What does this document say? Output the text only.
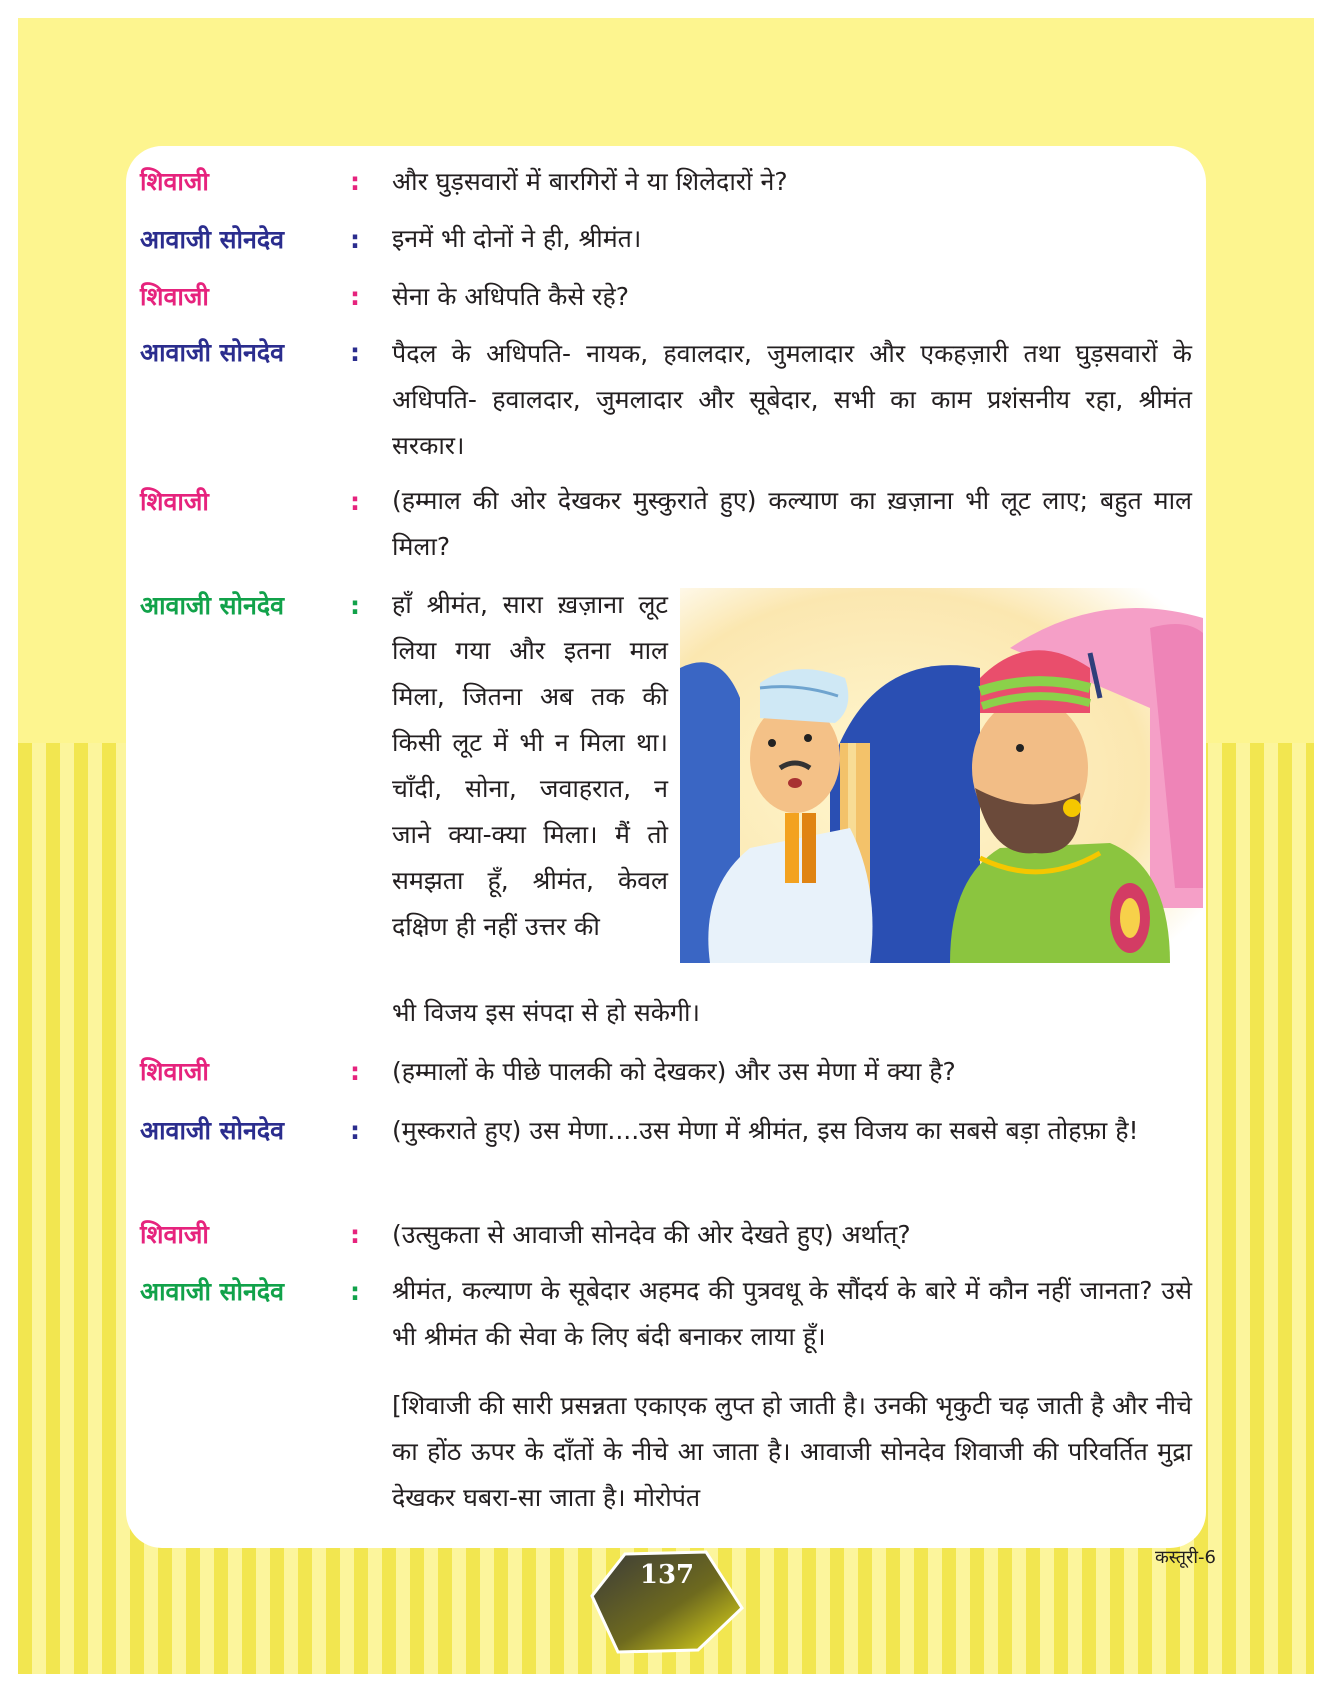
शिवाजी	: और घुड़सवारों में बारगिरों ने या शिलेदारों ने?
आवाजी सोनदेव	: इनमें भी दोनों ने ही, श्रीमंत।
शिवाजी	: सेना के अधिपति कैसे रहे?
आवाजी सोनदेव	: पैदल के अधिपति- नायक, हवालदार, जुमलादार और एकहज़ारी तथा घुड़सवारों के अधिपति- हवालदार, जुमलादार और सूबेदार, सभी का काम प्रशंसनीय रहा, श्रीमंत सरकार।
शिवाजी	: (हम्माल की ओर देखकर मुस्कुराते हुए) कल्याण का ख़ज़ाना भी लूट लाए; बहुत माल मिला?
आवाजी सोनदेव	: हाँ श्रीमंत, सारा ख़ज़ाना लूट लिया गया और इतना माल मिला, जितना अब तक की किसी लूट में भी न मिला था। चाँदी, सोना, जवाहरात, न जाने क्या-क्या मिला। मैं तो समझता हूँ, श्रीमंत, केवल दक्षिण ही नहीं उत्तर की
भी विजय इस संपदा से हो सकेगी।
शिवाजी	: (हम्मालों के पीछे पालकी को देखकर) और उस मेणा में क्या है?
आवाजी सोनदेव	: (मुस्कराते हुए) उस मेणा....उस मेणा में श्रीमंत, इस विजय का सबसे बड़ा तोहफ़ा है!
शिवाजी	: (उत्सुकता से आवाजी सोनदेव की ओर देखते हुए) अर्थात्?
आवाजी सोनदेव	: श्रीमंत, कल्याण के सूबेदार अहमद की पुत्रवधू के सौंदर्य के बारे में कौन नहीं जानता? उसे भी श्रीमंत की सेवा के लिए बंदी बनाकर लाया हूँ।
[शिवाजी की सारी प्रसन्नता एकाएक लुप्त हो जाती है। उनकी भृकुटी चढ़ जाती है और नीचे का होंठ ऊपर के दाँतों के नीचे आ जाता है। आवाजी सोनदेव शिवाजी की परिवर्तित मुद्रा देखकर घबरा-सा जाता है। मोरोपंत
कस्तूरी-6
137
